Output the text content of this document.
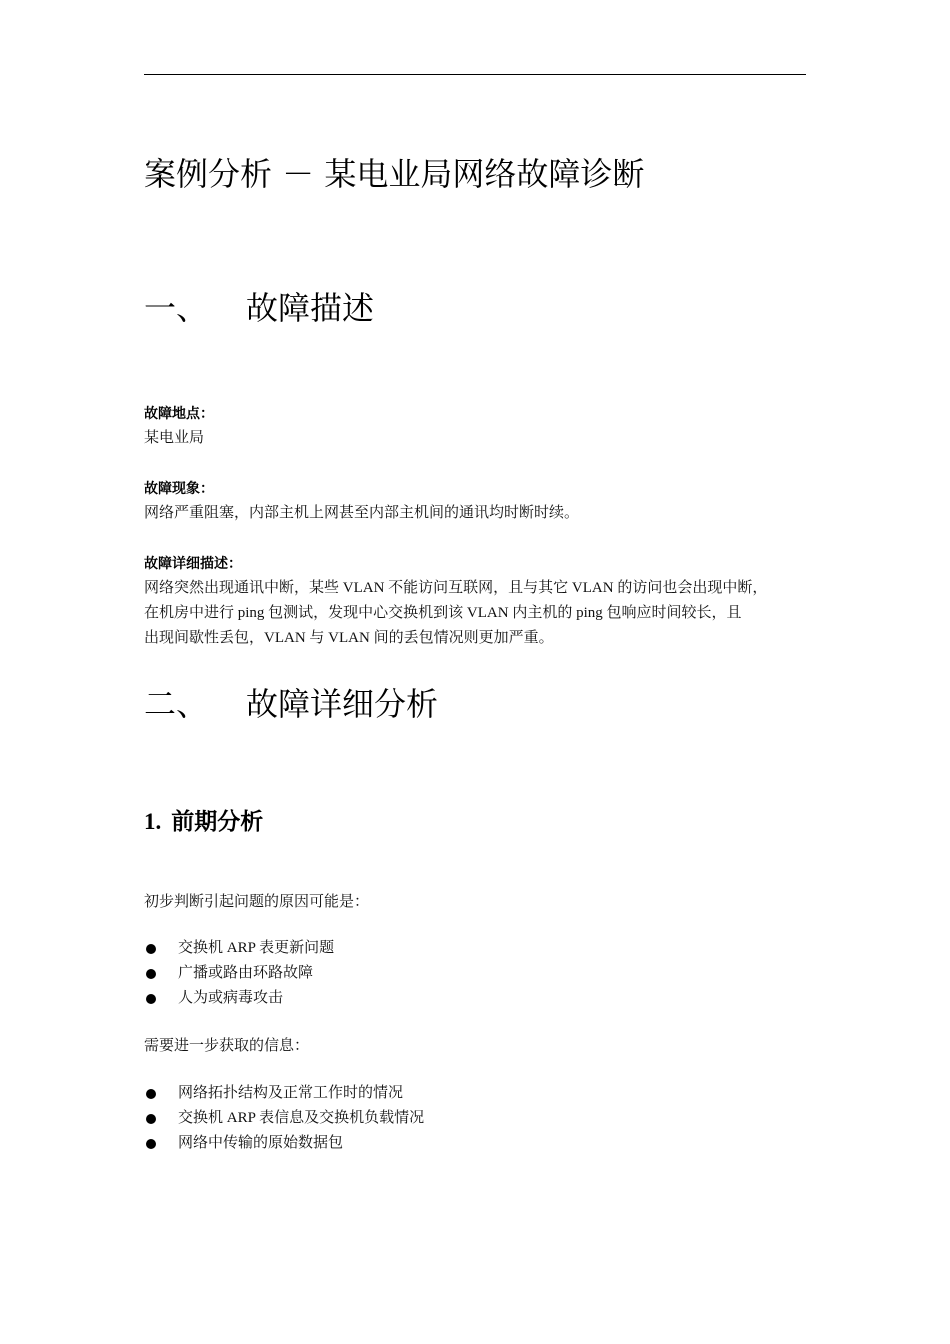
案例分析 － 某电业局网络故障诊断
一、 故障描述
故障地点：
某电业局
故障现象：
网络严重阻塞，内部主机上网甚至内部主机间的通讯均时断时续。
故障详细描述：
网络突然出现通讯中断，某些 VLAN 不能访问互联网，且与其它 VLAN 的访问也会出现中断，
在机房中进行 ping 包测试，发现中心交换机到该 VLAN 内主机的 ping 包响应时间较长，且
出现间歇性丢包，VLAN 与 VLAN 间的丢包情况则更加严重。
二、 故障详细分析
1. 前期分析
初步判断引起问题的原因可能是：
交换机 ARP 表更新问题
广播或路由环路故障
人为或病毒攻击
需要进一步获取的信息：
网络拓扑结构及正常工作时的情况
交换机 ARP 表信息及交换机负载情况
网络中传输的原始数据包
